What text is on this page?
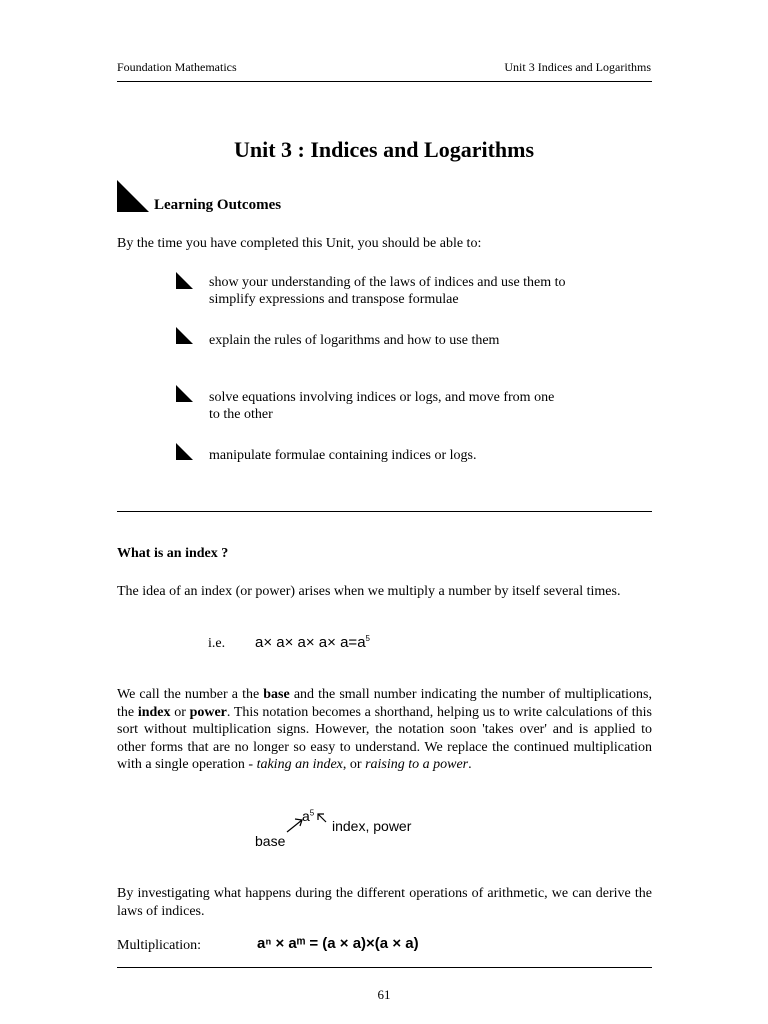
Foundation Mathematics	Unit 3 Indices and Logarithms
Unit 3 : Indices and Logarithms
Learning Outcomes
By the time you have completed this Unit, you should be able to:
show your understanding of the laws of indices and use them to
simplify expressions and transpose formulae
explain the rules of logarithms and how to use them
solve equations involving indices or logs, and move from one
to the other
manipulate formulae containing indices or logs.
What is an index ?
The idea of an index (or power) arises when we multiply a number by itself several times.
i.e. $a\times a\times a\times a\times a=a^5$
We call the number a the base and the small number indicating the number of multiplications, the index or power. This notation becomes a shorthand, helping us to write calculations of this sort without multiplication signs. However, the notation soon 'takes over' and is applied to other forms that are no longer so easy to understand. We replace the continued multiplication with a single operation - taking an index, or raising to a power.
base
$a^5$
index, power
By investigating what happens during the different operations of arithmetic, we can derive the laws of indices.
Multiplication:	aⁿ × aᵐ = (a × a)×(a × a)
61
